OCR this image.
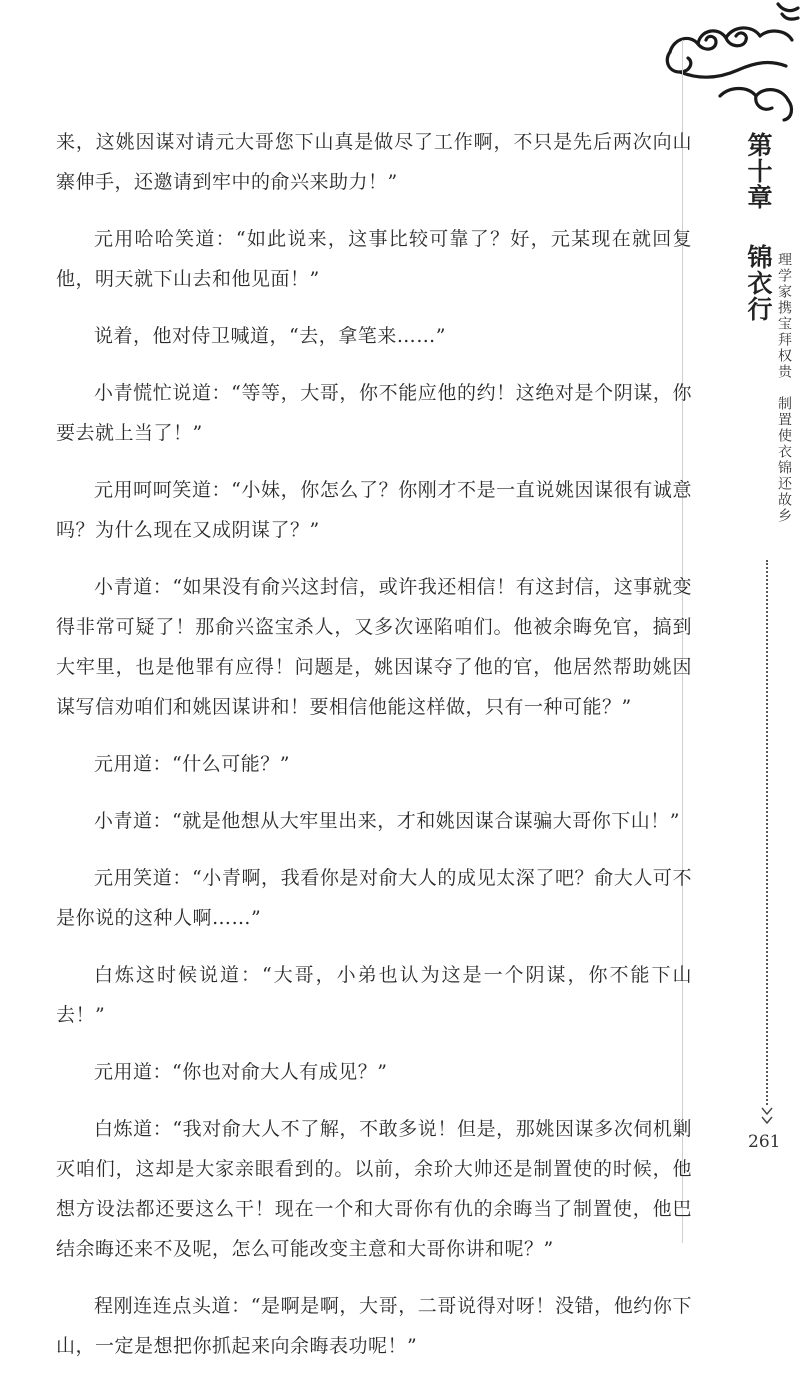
来，这姚因谋对请元大哥您下山真是做尽了工作啊，不只是先后两次向山寨伸手，还邀请到牢中的俞兴来助力！”

元用哈哈笑道：“如此说来，这事比较可靠了？好，元某现在就回复他，明天就下山去和他见面！”

说着，他对侍卫喊道，“去，拿笔来……”

小青慌忙说道：“等等，大哥，你不能应他的约！这绝对是个阴谋，你要去就上当了！”

元用呵呵笑道：“小妹，你怎么了？你刚才不是一直说姚因谋很有诚意吗？为什么现在又成阴谋了？”

小青道：“如果没有俞兴这封信，或许我还相信！有这封信，这事就变得非常可疑了！那俞兴盗宝杀人，又多次诬陷咱们。他被余晦免官，搞到大牢里，也是他罪有应得！问题是，姚因谋夺了他的官，他居然帮助姚因谋写信劝咱们和姚因谋讲和！要相信他能这样做，只有一种可能？”

元用道：“什么可能？”

小青道：“就是他想从大牢里出来，才和姚因谋合谋骗大哥你下山！”

元用笑道：“小青啊，我看你是对俞大人的成见太深了吧？俞大人可不是你说的这种人啊……”

白炼这时候说道：“大哥，小弟也认为这是一个阴谋，你不能下山去！”

元用道：“你也对俞大人有成见？”

白炼道：“我对俞大人不了解，不敢多说！但是，那姚因谋多次伺机剿灭咱们，这却是大家亲眼看到的。以前，余玠大帅还是制置使的时候，他想方设法都还要这么干！现在一个和大哥你有仇的余晦当了制置使，他巴结余晦还来不及呢，怎么可能改变主意和大哥你讲和呢？”

程刚连连点头道：“是啊是啊，大哥，二哥说得对呀！没错，他约你下山，一定是想把你抓起来向余晦表功呢！”

第十章
锦衣行 理学家携宝拜权贵　制置使衣锦还故乡
261
